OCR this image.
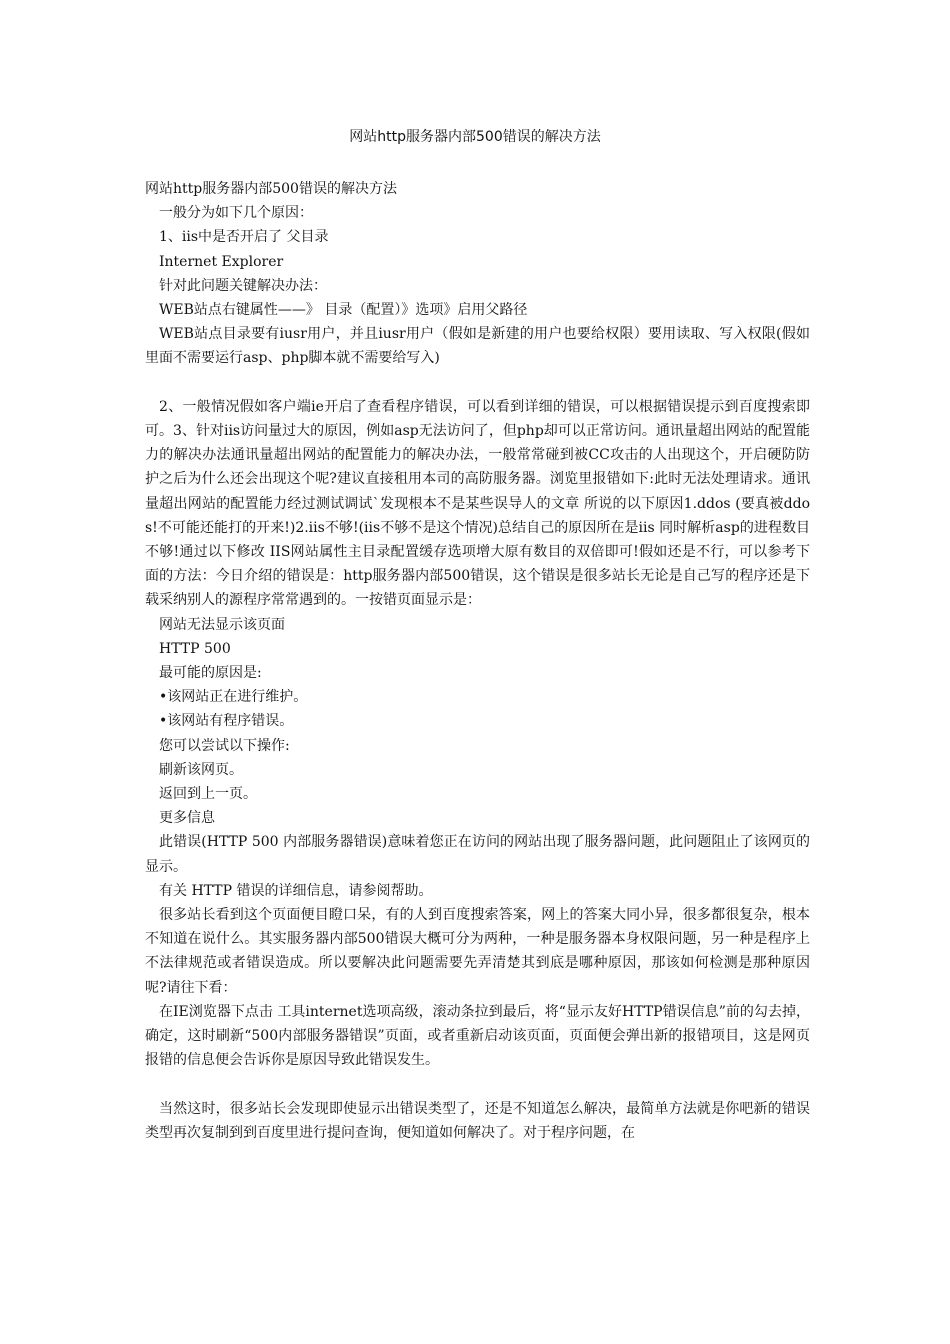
网站http服务器内部500错误的解决方法

网站http服务器内部500错误的解决方法

一般分为如下几个原因：

1、iis中是否开启了 父目录

Internet Explorer

针对此问题关键解决办法：

WEB站点右键属性——》 目录（配置）》选项》启用父路径

WEB站点目录要有iusr用户，并且iusr用户（假如是新建的用户也要给权限）要用读取、写入权限(假如里面不需要运行asp、php脚本就不需要给写入)

2、一般情况假如客户端ie开启了查看程序错误，可以看到详细的错误，可以根据错误提示到百度搜索即可。3、针对iis访问量过大的原因，例如asp无法访问了，但php却可以正常访问。通讯量超出网站的配置能力的解决办法通讯量超出网站的配置能力的解决办法，一般常常碰到被CC攻击的人出现这个，开启硬防防护之后为什么还会出现这个呢?建议直接租用本司的高防服务器。浏览里报错如下:此时无法处理请求。通讯量超出网站的配置能力经过测试调试`发现根本不是某些误导人的文章 所说的以下原因1.ddos (要真被ddos!不可能还能打的开来!)2.iis不够!(iis不够不是这个情况)总结自己的原因所在是iis 同时解析asp的进程数目不够!通过以下修改 IIS网站属性主目录配置缓存选项增大原有数目的双倍即可!假如还是不行，可以参考下面的方法：今日介绍的错误是：http服务器内部500错误，这个错误是很多站长无论是自己写的程序还是下载采纳别人的源程序常常遇到的。一按错页面显示是：

网站无法显示该页面

HTTP 500

最可能的原因是:

•该网站正在进行维护。

•该网站有程序错误。

您可以尝试以下操作:

刷新该网页。

返回到上一页。

更多信息

此错误(HTTP 500 内部服务器错误)意味着您正在访问的网站出现了服务器问题，此问题阻止了该网页的显示。

有关 HTTP 错误的详细信息，请参阅帮助。

很多站长看到这个页面便目瞪口呆，有的人到百度搜索答案，网上的答案大同小异，很多都很复杂，根本不知道在说什么。其实服务器内部500错误大概可分为两种，一种是服务器本身权限问题，另一种是程序上不法律规范或者错误造成。所以要解决此问题需要先弄清楚其到底是哪种原因，那该如何检测是那种原因呢?请往下看：

在IE浏览器下点击 工具internet选项高级，滚动条拉到最后，将“显示友好HTTP错误信息”前的勾去掉，确定，这时刷新“500内部服务器错误”页面，或者重新启动该页面，页面便会弹出新的报错项目，这是网页报错的信息便会告诉你是原因导致此错误发生。

当然这时，很多站长会发现即使显示出错误类型了，还是不知道怎么解决，最简单方法就是你吧新的错误类型再次复制到到百度里进行提问查询，便知道如何解决了。对于程序问题，在
